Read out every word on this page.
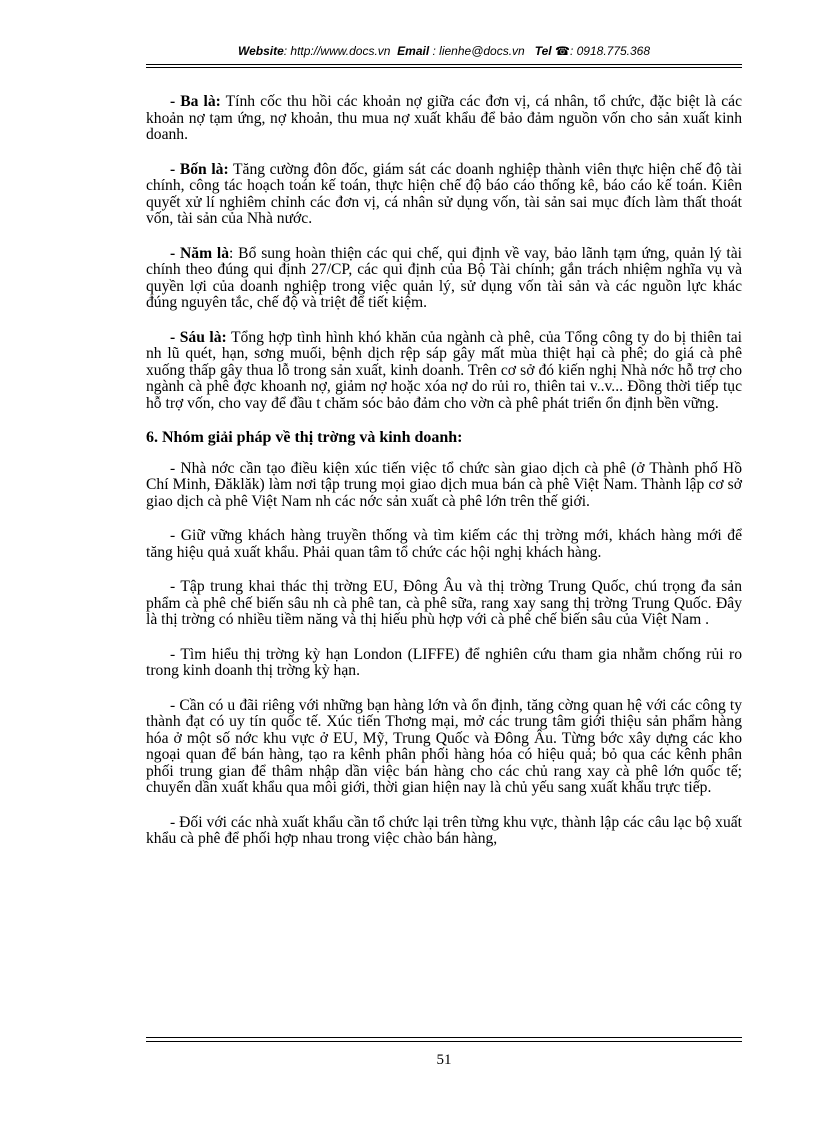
Website: http://www.docs.vn Email : lienhe@docs.vn Tel ☎: 0918.775.368

- Ba là: Tính cốc thu hồi các khoản nợ giữa các đơn vị, cá nhân, tổ chức, đặc biệt là các khoản nợ tạm ứng, nợ khoản, thu mua nợ xuất khẩu để bảo đảm nguồn vốn cho sản xuất kinh doanh.

- Bốn là: Tăng cường đôn đốc, giám sát các doanh nghiệp thành viên thực hiện chế độ tài chính, công tác hoạch toán kế toán, thực hiện chế độ báo cáo thống kê, báo cáo kế toán. Kiên quyết xử lí nghiêm chỉnh các đơn vị, cá nhân sử dụng vốn, tài sản sai mục đích làm thất thoát vốn, tài sản của Nhà nước.

- Năm là: Bổ sung hoàn thiện các qui chế, qui định về vay, bảo lãnh tạm ứng, quản lý tài chính theo đúng qui định 27/CP, các qui định của Bộ Tài chính; gắn trách nhiệm nghĩa vụ và quyền lợi của doanh nghiệp trong việc quản lý, sử dụng vốn tài sản và các nguồn lực khác đúng nguyên tắc, chế độ và triệt để tiết kiệm.

- Sáu là: Tổng hợp tình hình khó khăn của ngành cà phê, của Tổng công ty do bị thiên tai nh lũ quét, hạn, sơng muối, bệnh dịch rệp sáp gây mất mùa thiệt hại cà phê; do giá cà phê xuống thấp gây thua lỗ trong sản xuất, kinh doanh. Trên cơ sở đó kiến nghị Nhà nớc hỗ trợ cho ngành cà phê đợc khoanh nợ, giảm nợ hoặc xóa nợ do rủi ro, thiên tai v..v... Đồng thời tiếp tục hỗ trợ vốn, cho vay để đầu t chăm sóc bảo đảm cho vờn cà phê phát triển ổn định bền vững.

6. Nhóm giải pháp về thị trờng và kinh doanh:

- Nhà nớc cần tạo điều kiện xúc tiến việc tổ chức sàn giao dịch cà phê (ở Thành phố Hồ Chí Minh, Đăklăk) làm nơi tập trung mọi giao dịch mua bán cà phê Việt Nam. Thành lập cơ sở giao dịch cà phê Việt Nam nh các nớc sản xuất cà phê lớn trên thế giới.

- Giữ vững khách hàng truyền thống và tìm kiếm các thị trờng mới, khách hàng mới để tăng hiệu quả xuất khẩu. Phải quan tâm tổ chức các hội nghị khách hàng.

- Tập trung khai thác thị trờng EU, Đông Âu và thị trờng Trung Quốc, chú trọng đa sản phẩm cà phê chế biến sâu nh cà phê tan, cà phê sữa, rang xay sang thị trờng Trung Quốc. Đây là thị trờng có nhiều tiềm năng và thị hiếu phù hợp với cà phê chế biến sâu của Việt Nam .

- Tìm hiểu thị trờng kỳ hạn London (LIFFE) để nghiên cứu tham gia nhằm chống rủi ro trong kinh doanh thị trờng kỳ hạn.

- Cần có u đãi riêng với những bạn hàng lớn và ổn định, tăng cờng quan hệ với các công ty thành đạt có uy tín quốc tế. Xúc tiến Thơng mại, mở các trung tâm giới thiệu sản phẩm hàng hóa ở một số nớc khu vực ở EU, Mỹ, Trung Quốc và Đông Âu. Từng bớc xây dựng các kho ngoại quan để bán hàng, tạo ra kênh phân phối hàng hóa có hiệu quả; bỏ qua các kênh phân phối trung gian để thâm nhập dần việc bán hàng cho các chủ rang xay cà phê lớn quốc tế; chuyển dần xuất khẩu qua môi giới, thời gian hiện nay là chủ yếu sang xuất khẩu trực tiếp.

- Đối với các nhà xuất khẩu cần tổ chức lại trên từng khu vực, thành lập các câu lạc bộ xuất khẩu cà phê để phối hợp nhau trong việc chào bán hàng,

51
